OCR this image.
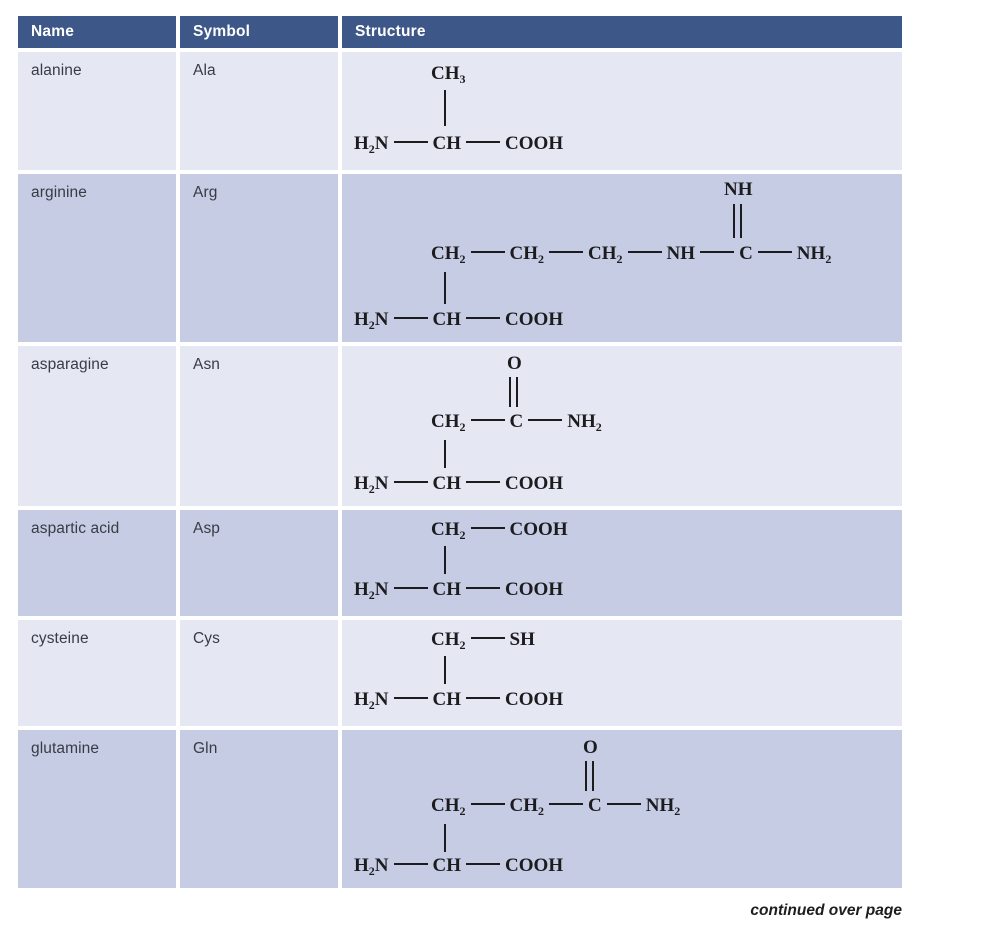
Name	Symbol	Structure
alanine	Ala	$CH_3$
$H_2N$ CH COOH
arginine	Arg	NH
$CH_2$ $CH_2$ $CH_2$ NH C $NH_2$
$H_2N$ CH COOH
asparagine	Asn	O
$CH_2$ C $NH_2$
$H_2N$ CH COOH
aspartic acid	Asp	$CH_2$ COOH
$H_2N$ CH COOH
cysteine	Cys	$CH_2$ SH
$H_2N$ CH COOH
glutamine	Gln	O
$CH_2$ $CH_2$ C $NH_2$
$H_2N$ CH COOH
continued over page
